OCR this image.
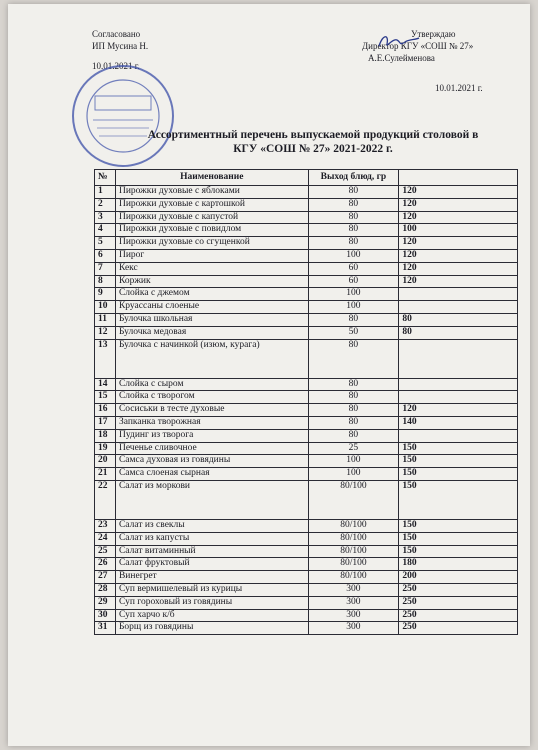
Согласовано
ИП Мусина Н.
10.01.2021 г.
Утверждаю
Директор КГУ «СОШ № 27»
А.Е.Сулейменова
10.01.2021 г.
Ассортиментный перечень выпускаемой продукций столовой в
КГУ «СОШ № 27» 2021-2022 г.
№	Наименование	Выход блюд, гр	
1	Пирожки духовые с яблоками	80	120
2	Пирожки духовые с картошкой	80	120
3	Пирожки духовые с капустой	80	120
4	Пирожки духовые с повидлом	80	100
5	Пирожки духовые со сгущенкой	80	120
6	Пирог	100	120
7	Кекс	60	120
8	Коржик	60	120
9	Слойка с джемом	100	
10	Круассаны слоеные	100	
11	Булочка школьная	80	80
12	Булочка медовая	50	80
13	Булочка с начинкой (изюм, курага)	80	
14	Слойка с сыром	80	
15	Слойка с творогом	80	
16	Сосиськи в тесте духовые	80	120
17	Запканка творожная	80	140
18	Пудинг из творога	80	
19	Печенье сливочное	25	150
20	Самса духовая из говядины	100	150
21	Самса слоеная сырная	100	150
22	Салат из моркови	80/100	150
23	Салат из свеклы	80/100	150
24	Салат из капусты	80/100	150
25	Салат витаминный	80/100	150
26	Салат фруктовый	80/100	180
27	Винегрет	80/100	200
28	Суп вермишелевый из курицы	300	250
29	Суп гороховый из говядины	300	250
30	Суп харчо к/б	300	250
31	Борщ из говядины	300	250
